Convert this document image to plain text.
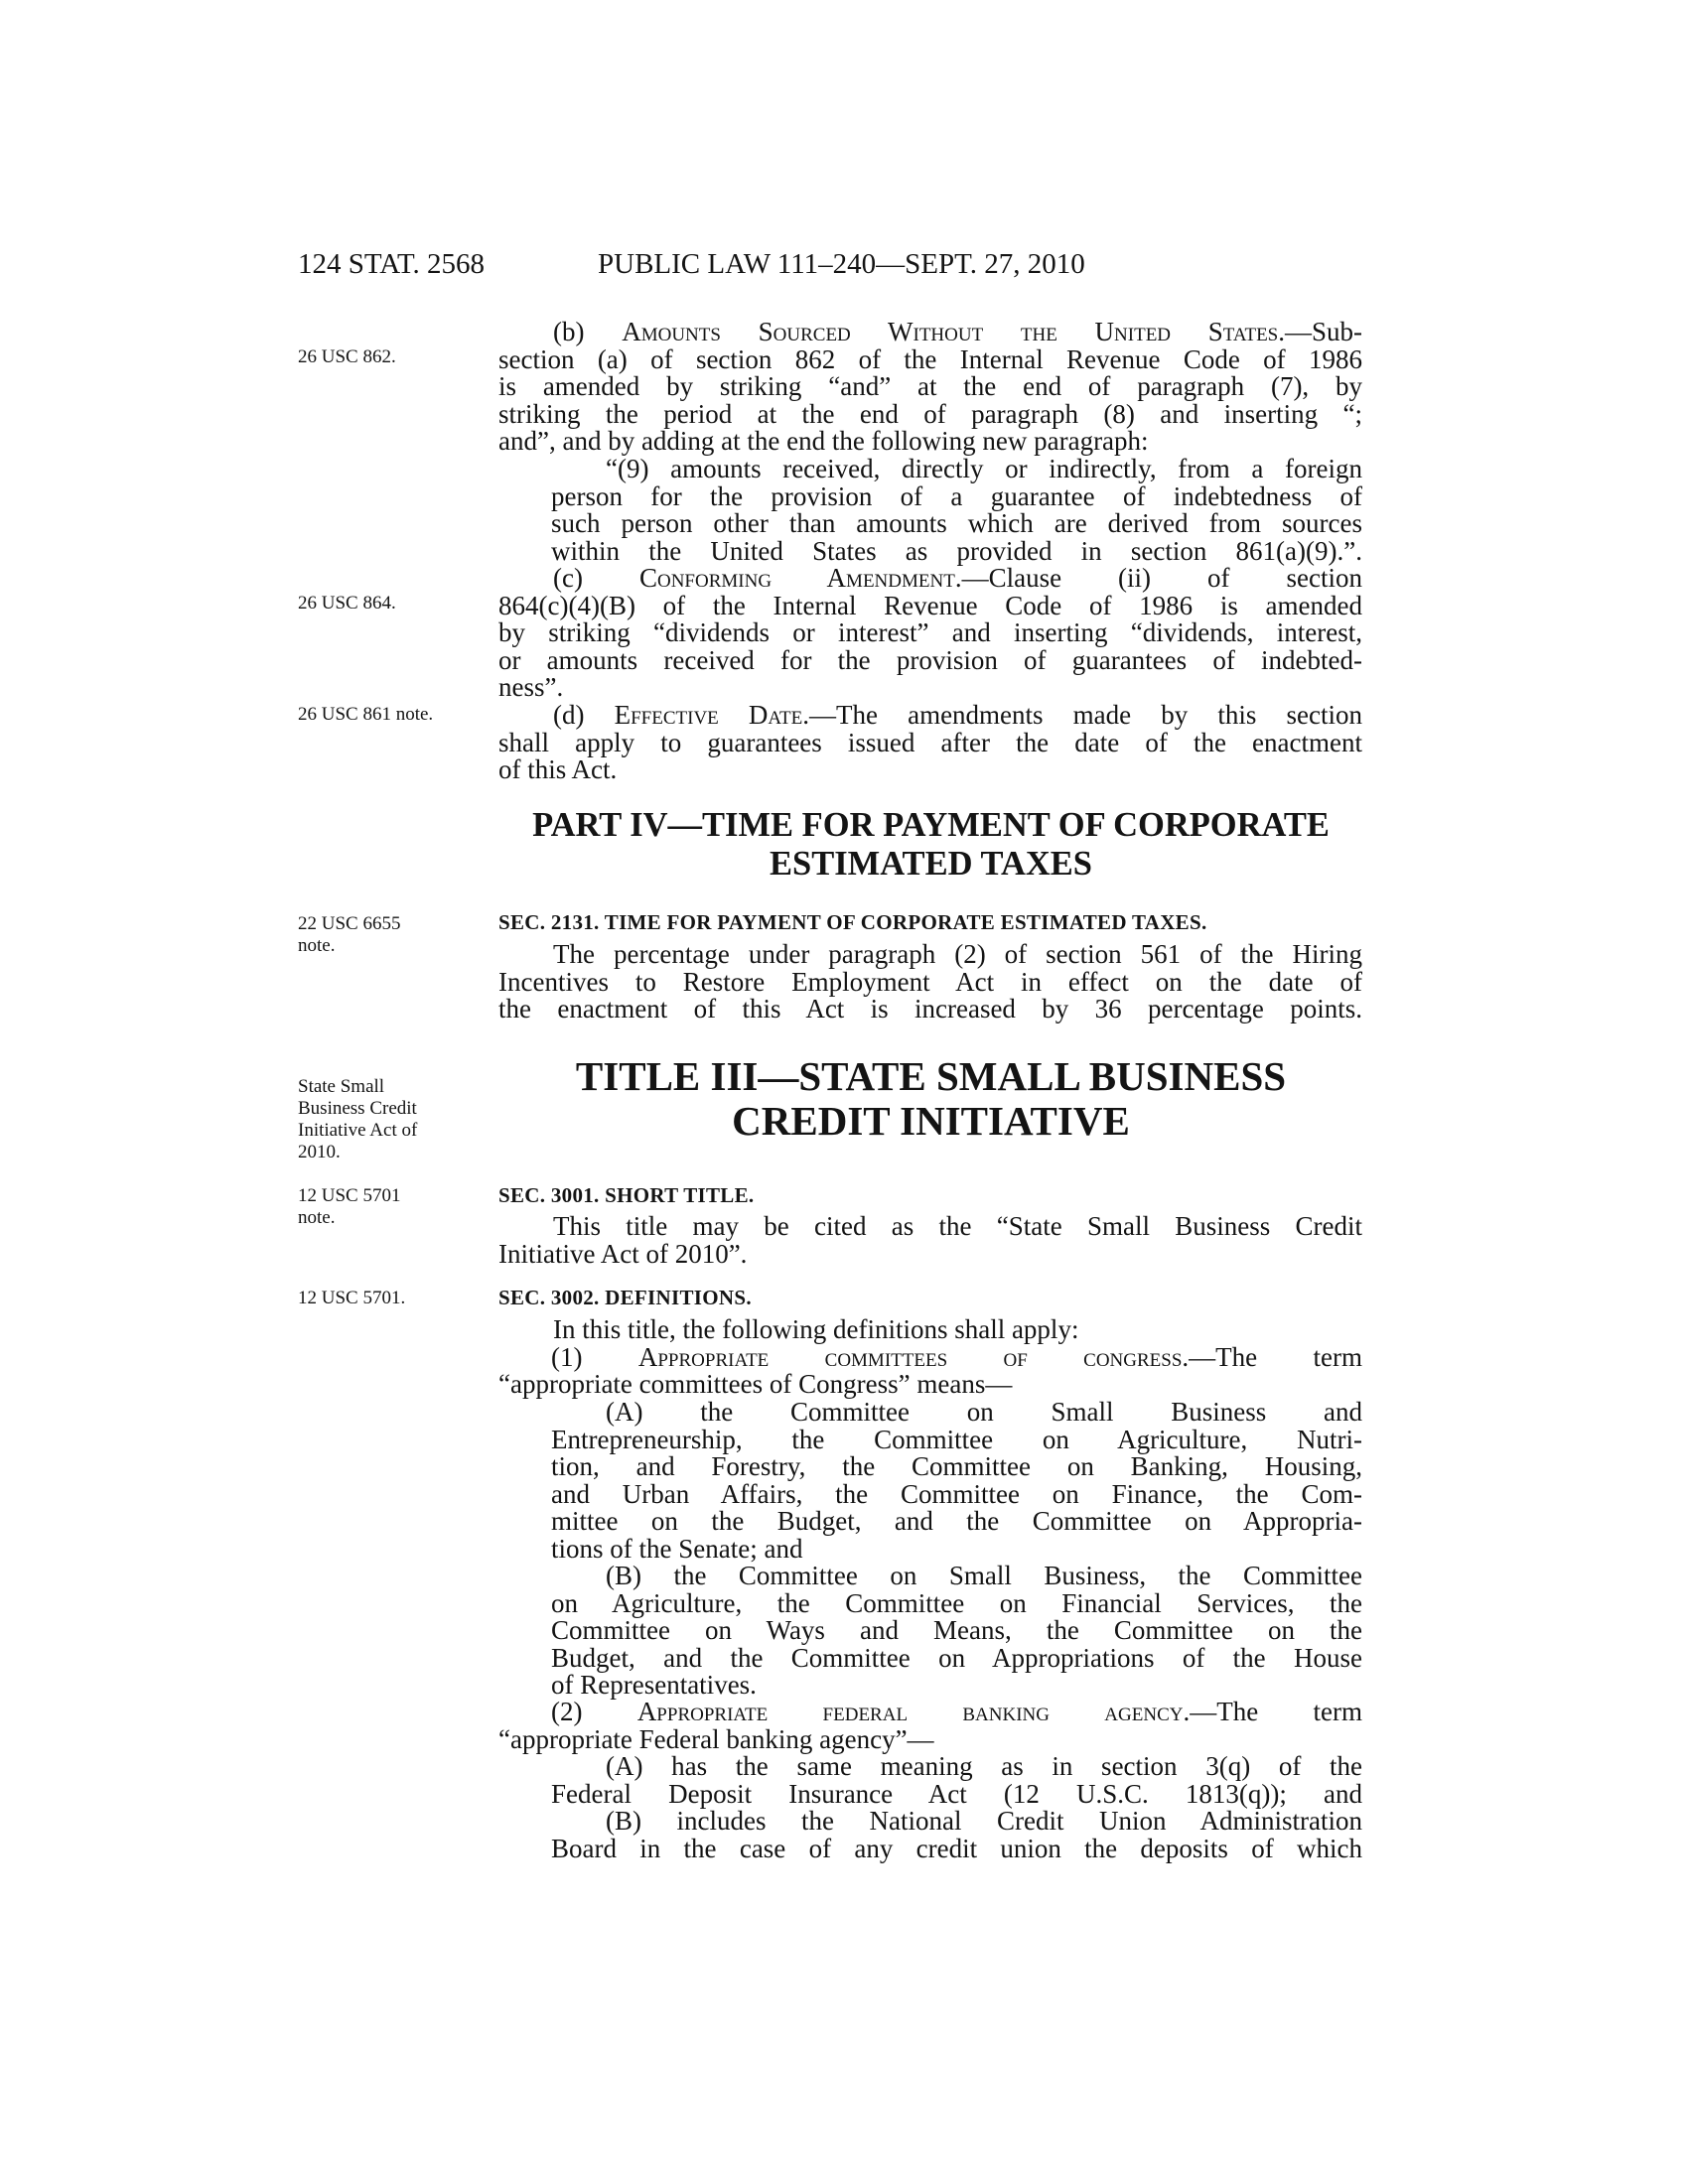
124 STAT. 2568	PUBLIC LAW 111–240—SEPT. 27, 2010
26 USC 862.
26 USC 864.
26 USC 861 note.
22 USC 6655 note.
State Small Business Credit Initiative Act of 2010.
12 USC 5701 note.
12 USC 5701.
(b) Amounts Sourced Without the United States.—Sub-
section (a) of section 862 of the Internal Revenue Code of 1986
is amended by striking “and” at the end of paragraph (7), by
striking the period at the end of paragraph (8) and inserting “;
and”, and by adding at the end the following new paragraph:
“(9) amounts received, directly or indirectly, from a foreign
person for the provision of a guarantee of indebtedness of
such person other than amounts which are derived from sources
within the United States as provided in section 861(a)(9).”.
(c) Conforming Amendment.—Clause (ii) of section
864(c)(4)(B) of the Internal Revenue Code of 1986 is amended
by striking “dividends or interest” and inserting “dividends, interest,
or amounts received for the provision of guarantees of indebted-
ness”.
(d) Effective Date.—The amendments made by this section
shall apply to guarantees issued after the date of the enactment
of this Act.
PART IV—TIME FOR PAYMENT OF CORPORATE
ESTIMATED TAXES
SEC. 2131. TIME FOR PAYMENT OF CORPORATE ESTIMATED TAXES.
The percentage under paragraph (2) of section 561 of the Hiring
Incentives to Restore Employment Act in effect on the date of
the enactment of this Act is increased by 36 percentage points.
TITLE III—STATE SMALL BUSINESS
CREDIT INITIATIVE
SEC. 3001. SHORT TITLE.
This title may be cited as the “State Small Business Credit
Initiative Act of 2010”.
SEC. 3002. DEFINITIONS.
In this title, the following definitions shall apply:
(1) Appropriate committees of congress.—The term
“appropriate committees of Congress” means—
(A) the Committee on Small Business and
Entrepreneurship, the Committee on Agriculture, Nutri-
tion, and Forestry, the Committee on Banking, Housing,
and Urban Affairs, the Committee on Finance, the Com-
mittee on the Budget, and the Committee on Appropria-
tions of the Senate; and
(B) the Committee on Small Business, the Committee
on Agriculture, the Committee on Financial Services, the
Committee on Ways and Means, the Committee on the
Budget, and the Committee on Appropriations of the House
of Representatives.
(2) Appropriate federal banking agency.—The term
“appropriate Federal banking agency”—
(A) has the same meaning as in section 3(q) of the
Federal Deposit Insurance Act (12 U.S.C. 1813(q)); and
(B) includes the National Credit Union Administration
Board in the case of any credit union the deposits of which
